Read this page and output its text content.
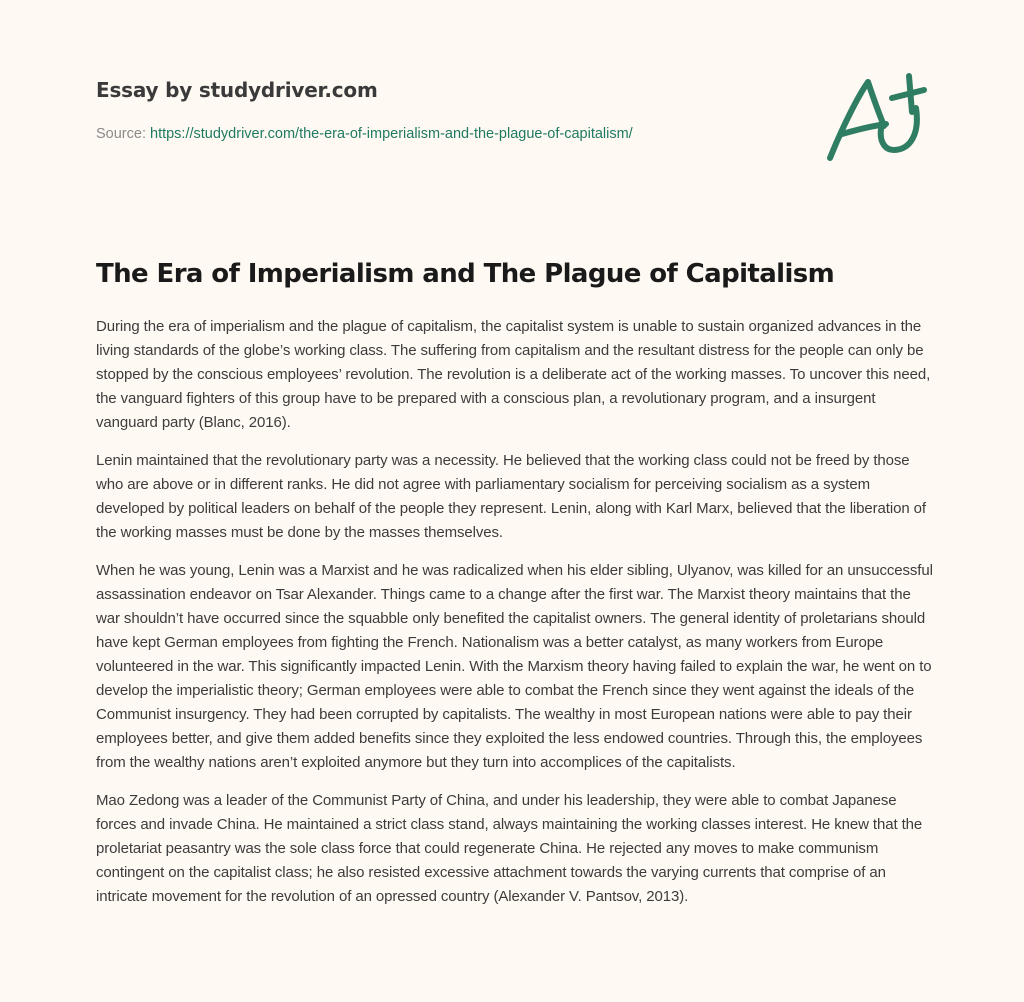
Essay by studydriver.com
Source: https://studydriver.com/the-era-of-imperialism-and-the-plague-of-capitalism/
The Era of Imperialism and The Plague of Capitalism

During the era of imperialism and the plague of capitalism, the capitalist system is unable to sustain organized advances in the living standards of the globe’s working class. The suffering from capitalism and the resultant distress for the people can only be stopped by the conscious employees’ revolution. The revolution is a deliberate act of the working masses. To uncover this need, the vanguard fighters of this group have to be prepared with a conscious plan, a revolutionary program, and a insurgent vanguard party (Blanc, 2016).

Lenin maintained that the revolutionary party was a necessity. He believed that the working class could not be freed by those who are above or in different ranks. He did not agree with parliamentary socialism for perceiving socialism as a system developed by political leaders on behalf of the people they represent. Lenin, along with Karl Marx, believed that the liberation of the working masses must be done by the masses themselves.

When he was young, Lenin was a Marxist and he was radicalized when his elder sibling, Ulyanov, was killed for an unsuccessful assassination endeavor on Tsar Alexander. Things came to a change after the first war. The Marxist theory maintains that the war shouldn’t have occurred since the squabble only benefited the capitalist owners. The general identity of proletarians should have kept German employees from fighting the French. Nationalism was a better catalyst, as many workers from Europe volunteered in the war. This significantly impacted Lenin. With the Marxism theory having failed to explain the war, he went on to develop the imperialistic theory; German employees were able to combat the French since they went against the ideals of the Communist insurgency. They had been corrupted by capitalists. The wealthy in most European nations were able to pay their employees better, and give them added benefits since they exploited the less endowed countries. Through this, the employees from the wealthy nations aren’t exploited anymore but they turn into accomplices of the capitalists.

Mao Zedong was a leader of the Communist Party of China, and under his leadership, they were able to combat Japanese forces and invade China. He maintained a strict class stand, always maintaining the working classes interest. He knew that the proletariat peasantry was the sole class force that could regenerate China. He rejected any moves to make communism contingent on the capitalist class; he also resisted excessive attachment towards the varying currents that comprise of an intricate movement for the revolution of an opressed country (Alexander V. Pantsov, 2013).
